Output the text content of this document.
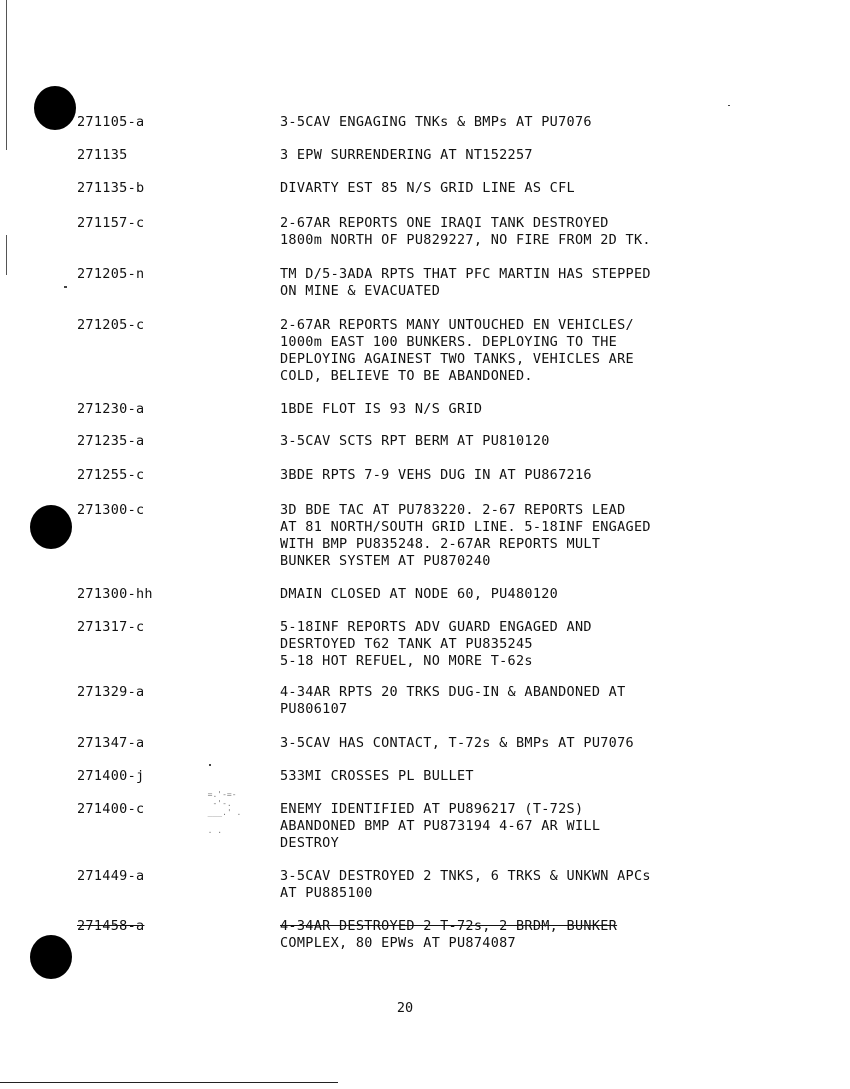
=.'-=-
-'-.
___.' .

. .
271105-a	3-5CAV ENGAGING TNKs & BMPs AT PU7076
271135	3 EPW SURRENDERING AT NT152257
271135-b	DIVARTY EST 85 N/S GRID LINE AS CFL
271157-c	2-67AR REPORTS ONE IRAQI TANK DESTROYED
1800m NORTH OF PU829227, NO FIRE FROM 2D TK.
271205-n	TM D/5-3ADA RPTS THAT PFC MARTIN HAS STEPPED
ON MINE & EVACUATED
271205-c	2-67AR REPORTS MANY UNTOUCHED EN VEHICLES/
1000m EAST 100 BUNKERS. DEPLOYING TO THE
DEPLOYING AGAINEST TWO TANKS, VEHICLES ARE
COLD, BELIEVE TO BE ABANDONED.
271230-a	1BDE FLOT IS 93 N/S GRID
271235-a	3-5CAV SCTS RPT BERM AT PU810120
271255-c	3BDE RPTS 7-9 VEHS DUG IN AT PU867216
271300-c	3D BDE TAC AT PU783220. 2-67 REPORTS LEAD
AT 81 NORTH/SOUTH GRID LINE. 5-18INF ENGAGED
WITH BMP PU835248. 2-67AR REPORTS MULT
BUNKER SYSTEM AT PU870240
271300-hh	DMAIN CLOSED AT NODE 60, PU480120
271317-c	5-18INF REPORTS ADV GUARD ENGAGED AND
DESRTOYED T62 TANK AT PU835245
5-18 HOT REFUEL, NO MORE T-62s
271329-a	4-34AR RPTS 20 TRKS DUG-IN & ABANDONED AT
PU806107
271347-a	3-5CAV HAS CONTACT, T-72s & BMPs AT PU7076
271400-j	533MI CROSSES PL BULLET
271400-c	ENEMY IDENTIFIED AT PU896217 (T-72S)
ABANDONED BMP AT PU873194 4-67 AR WILL
DESTROY
271449-a	3-5CAV DESTROYED 2 TNKS, 6 TRKS & UNKWN APCs
AT PU885100
271458-a	4-34AR DESTROYED 2 T-72s, 2 BRDM, BUNKER
COMPLEX, 80 EPWs AT PU874087
20
